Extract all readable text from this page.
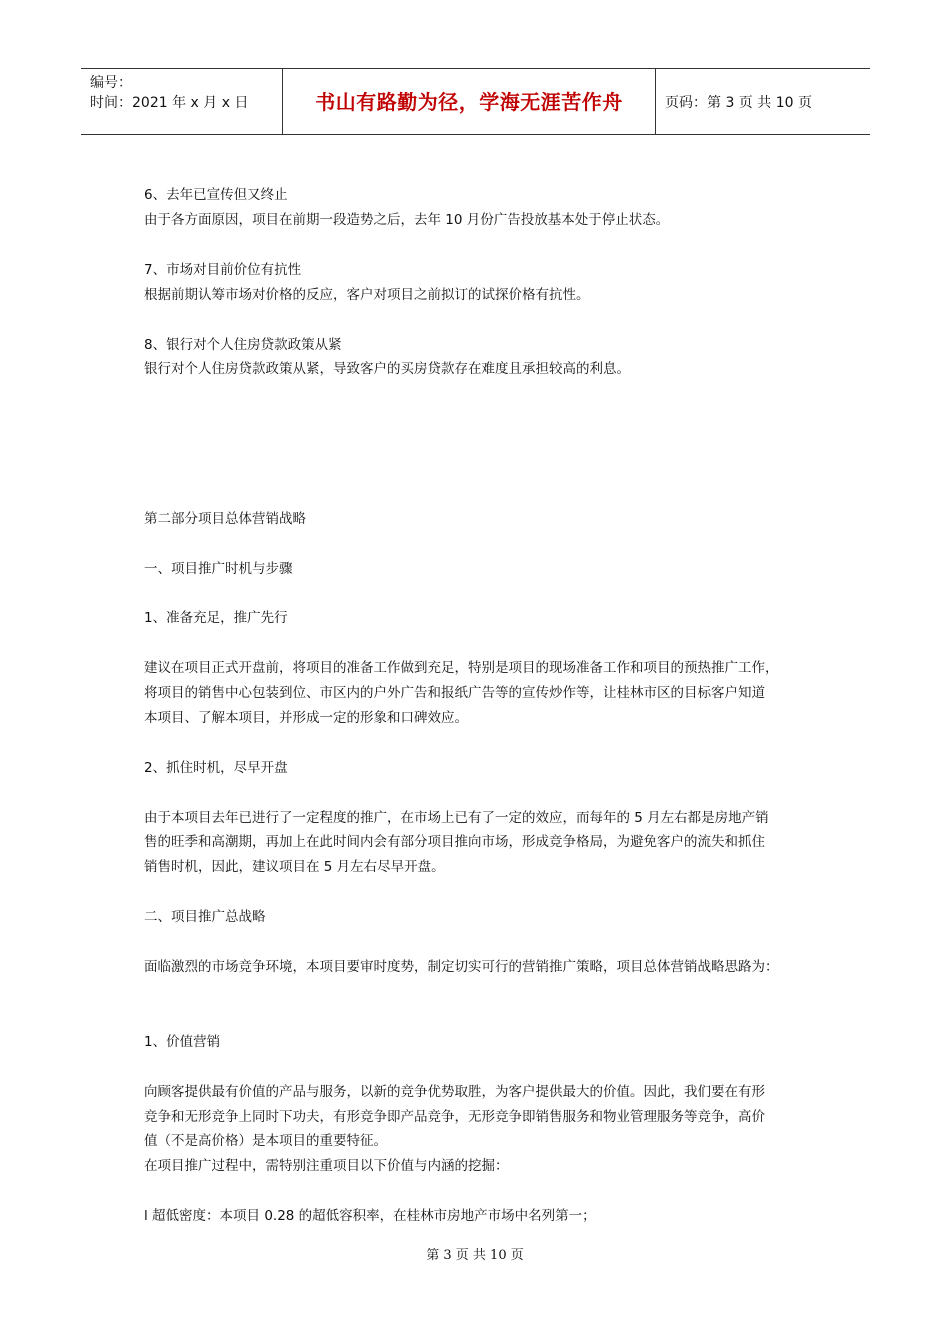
编号：
时间：2021 年 x 月 x 日	书山有路勤为径，学海无涯苦作舟	页码：第 3 页 共 10 页
6、去年已宣传但又终止
由于各方面原因，项目在前期一段造势之后，去年 10 月份广告投放基本处于停止状态。
7、市场对目前价位有抗性
根据前期认筹市场对价格的反应，客户对项目之前拟订的试探价格有抗性。
8、银行对个人住房贷款政策从紧
银行对个人住房贷款政策从紧，导致客户的买房贷款存在难度且承担较高的利息。
第二部分项目总体营销战略
一、项目推广时机与步骤
1、准备充足，推广先行
建议在项目正式开盘前，将项目的准备工作做到充足，特别是项目的现场准备工作和项目的预热推广工作，
将项目的销售中心包装到位、市区内的户外广告和报纸广告等的宣传炒作等，让桂林市区的目标客户知道
本项目、了解本项目，并形成一定的形象和口碑效应。
2、抓住时机，尽早开盘
由于本项目去年已进行了一定程度的推广，在市场上已有了一定的效应，而每年的 5 月左右都是房地产销
售的旺季和高潮期，再加上在此时间内会有部分项目推向市场，形成竞争格局，为避免客户的流失和抓住
销售时机，因此，建议项目在 5 月左右尽早开盘。
二、项目推广总战略
面临激烈的市场竞争环境，本项目要审时度势，制定切实可行的营销推广策略，项目总体营销战略思路为：
1、价值营销
向顾客提供最有价值的产品与服务，以新的竞争优势取胜，为客户提供最大的价值。因此，我们要在有形
竞争和无形竞争上同时下功夫，有形竞争即产品竞争，无形竞争即销售服务和物业管理服务等竞争，高价
值（不是高价格）是本项目的重要特征。
在项目推广过程中，需特别注重项目以下价值与内涵的挖掘：
l 超低密度：本项目 0.28 的超低容积率，在桂林市房地产市场中名列第一；
第 3 页 共 10 页
